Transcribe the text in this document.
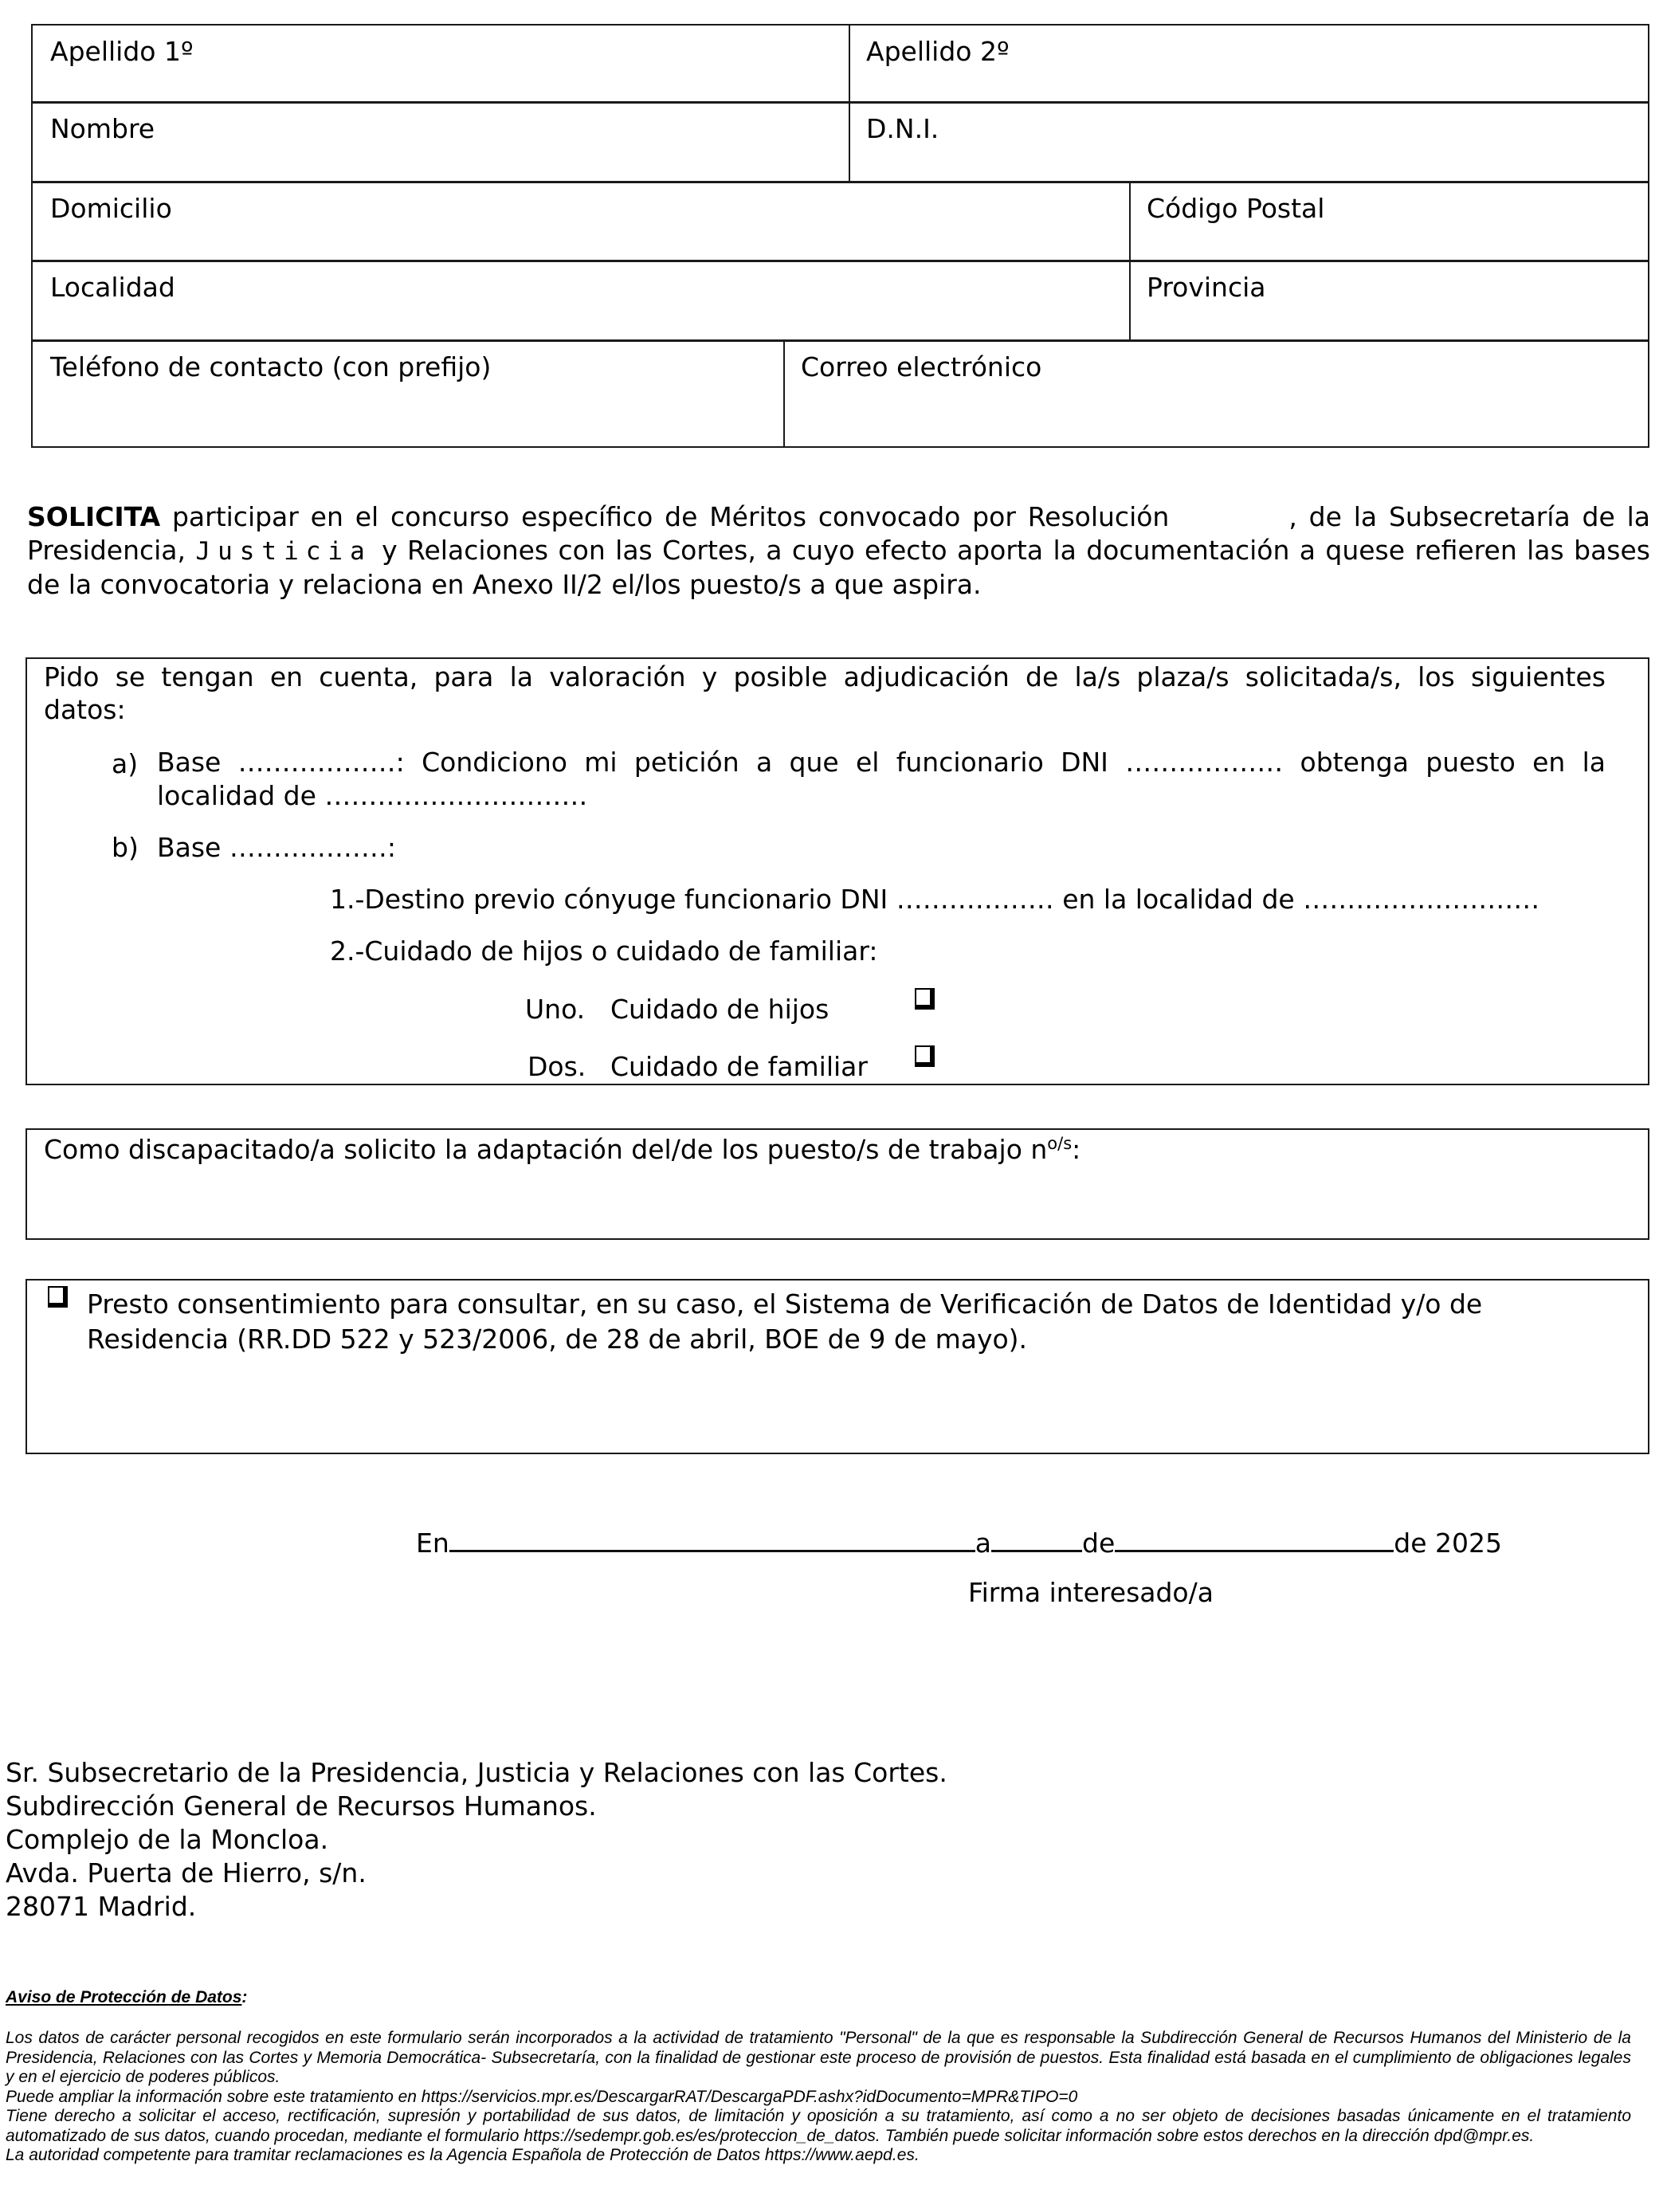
Apellido 1º	Apellido 2º
Nombre	D.N.I.
Domicilio	Código Postal
Localidad	Provincia
Teléfono de contacto (con prefijo)	Correo electrónico
SOLICITA participar en el concurso específico de Méritos convocado por Resolución	, de la Subsecretaría de la Presidencia, Justicia y Relaciones con las Cortes, a cuyo efecto aporta la documentación a quese refieren las bases de la convocatoria y relaciona en Anexo II/2 el/los puesto/s a que aspira.
Pido se tengan en cuenta, para la valoración y posible adjudicación de la/s plaza/s solicitada/s, los siguientes
datos:
a) Base ………………: Condiciono mi petición a que el funcionario DNI ……………… obtenga puesto en la
localidad de …………………………
b) Base ………………:
1.-Destino previo cónyuge funcionario DNI ……………… en la localidad de ………………………
2.-Cuidado de hijos o cuidado de familiar:
Uno. Cuidado de hijos
Dos. Cuidado de familiar
Como discapacitado/a solicito la adaptación del/de los puesto/s de trabajo $n^{o/s}$:
Presto consentimiento para consultar, en su caso, el Sistema de Verificación de Datos de Identidad y/o de
Residencia (RR.DD 522 y 523/2006, de 28 de abril, BOE de 9 de mayo).
En	a	de	de 2025
Firma interesado/a
Sr. Subsecretario de la Presidencia, Justicia y Relaciones con las Cortes.
Subdirección General de Recursos Humanos.
Complejo de la Moncloa.
Avda. Puerta de Hierro, s/n.
28071 Madrid.
Aviso de Protección de Datos:

Los datos de carácter personal recogidos en este formulario serán incorporados a la actividad de tratamiento "Personal" de la que es responsable la Subdirección General de Recursos Humanos del Ministerio de la Presidencia, Relaciones con las Cortes y Memoria Democrática- Subsecretaría, con la finalidad de gestionar este proceso de provisión de puestos. Esta finalidad está basada en el cumplimiento de obligaciones legales y en el ejercicio de poderes públicos.

Puede ampliar la información sobre este tratamiento en https://servicios.mpr.es/DescargarRAT/DescargaPDF.ashx?idDocumento=MPR&TIPO=0

Tiene derecho a solicitar el acceso, rectificación, supresión y portabilidad de sus datos, de limitación y oposición a su tratamiento, así como a no ser objeto de decisiones basadas únicamente en el tratamiento automatizado de sus datos, cuando procedan, mediante el formulario https://sedempr.gob.es/es/proteccion_de_datos. También puede solicitar información sobre estos derechos en la dirección dpd@mpr.es.

La autoridad competente para tramitar reclamaciones es la Agencia Española de Protección de Datos https://www.aepd.es.
